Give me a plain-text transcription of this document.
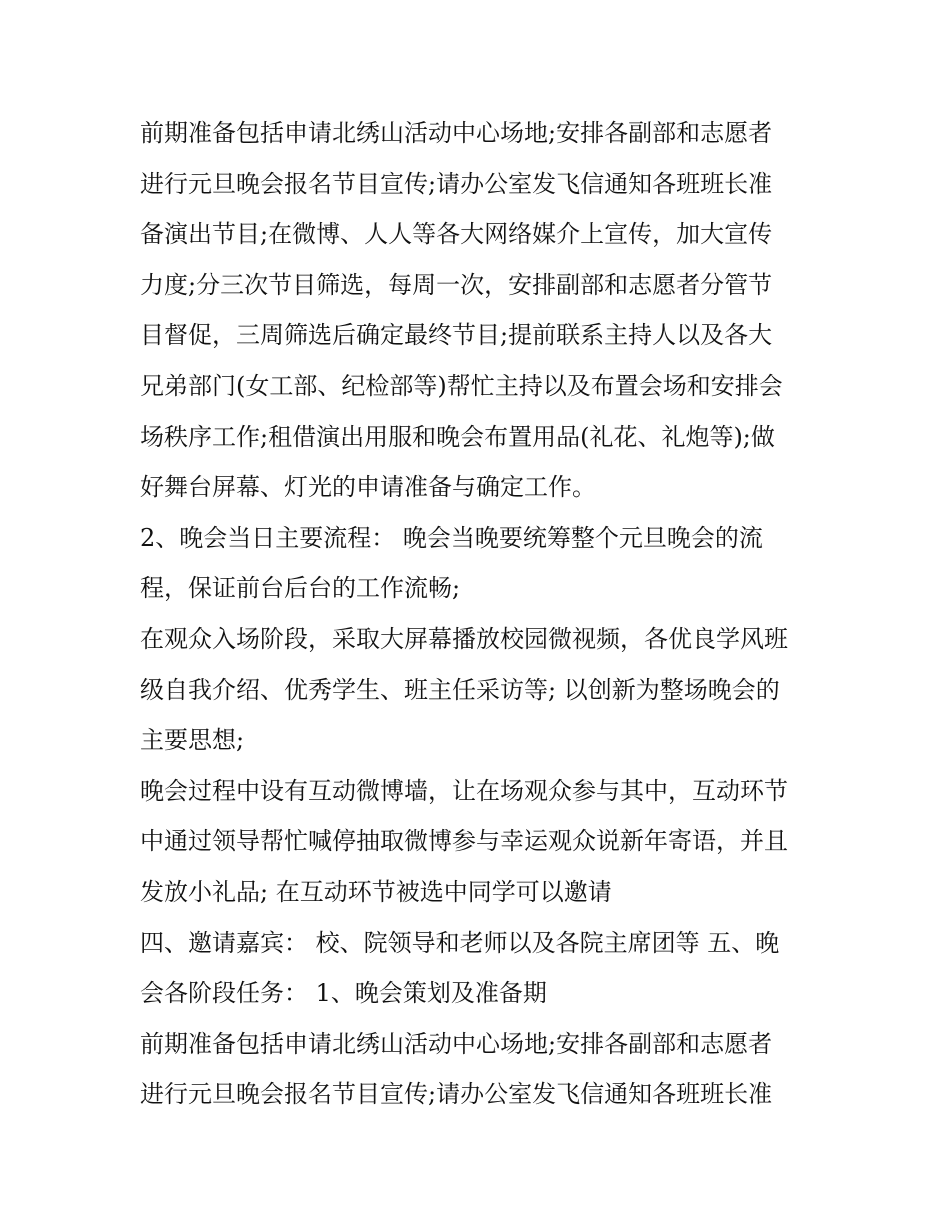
前期准备包括申请北绣山活动中心场地;安排各副部和志愿者
进行元旦晚会报名节目宣传;请办公室发飞信通知各班班长准
备演出节目;在微博、人人等各大网络媒介上宣传，加大宣传
力度;分三次节目筛选，每周一次，安排副部和志愿者分管节
目督促，三周筛选后确定最终节目;提前联系主持人以及各大
兄弟部门(女工部、纪检部等)帮忙主持以及布置会场和安排会
场秩序工作;租借演出用服和晚会布置用品(礼花、礼炮等);做
好舞台屏幕、灯光的申请准备与确定工作。
2、晚会当日主要流程： 晚会当晚要统筹整个元旦晚会的流
程，保证前台后台的工作流畅;
在观众入场阶段，采取大屏幕播放校园微视频，各优良学风班
级自我介绍、优秀学生、班主任采访等; 以创新为整场晚会的
主要思想;
晚会过程中设有互动微博墙，让在场观众参与其中，互动环节
中通过领导帮忙喊停抽取微博参与幸运观众说新年寄语，并且
发放小礼品; 在互动环节被选中同学可以邀请
四、邀请嘉宾： 校、院领导和老师以及各院主席团等 五、晚
会各阶段任务： 1、晚会策划及准备期
前期准备包括申请北绣山活动中心场地;安排各副部和志愿者
进行元旦晚会报名节目宣传;请办公室发飞信通知各班班长准
